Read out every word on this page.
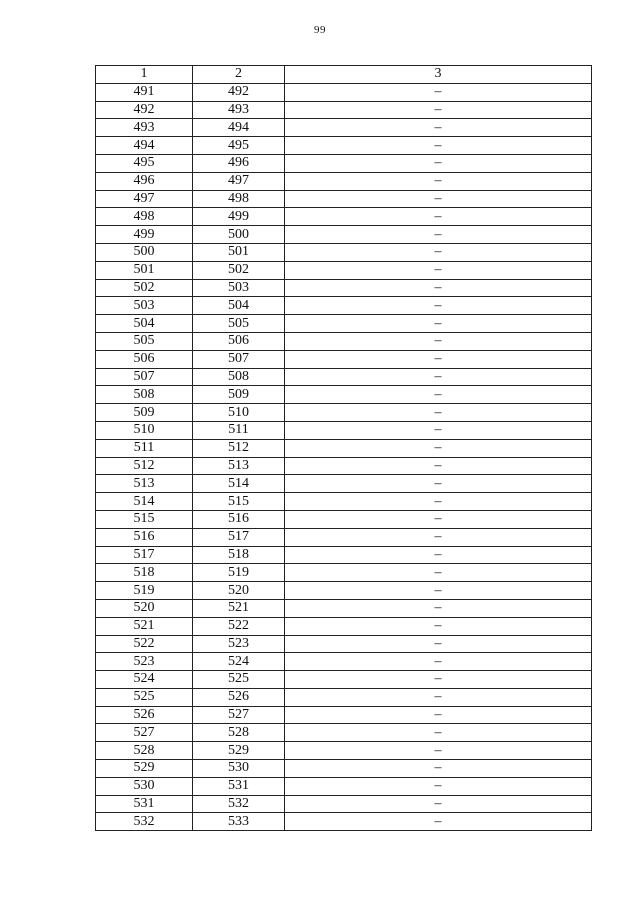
99
1	2	3
491	492	–
492	493	–
493	494	–
494	495	–
495	496	–
496	497	–
497	498	–
498	499	–
499	500	–
500	501	–
501	502	–
502	503	–
503	504	–
504	505	–
505	506	–
506	507	–
507	508	–
508	509	–
509	510	–
510	511	–
511	512	–
512	513	–
513	514	–
514	515	–
515	516	–
516	517	–
517	518	–
518	519	–
519	520	–
520	521	–
521	522	–
522	523	–
523	524	–
524	525	–
525	526	–
526	527	–
527	528	–
528	529	–
529	530	–
530	531	–
531	532	–
532	533	–
